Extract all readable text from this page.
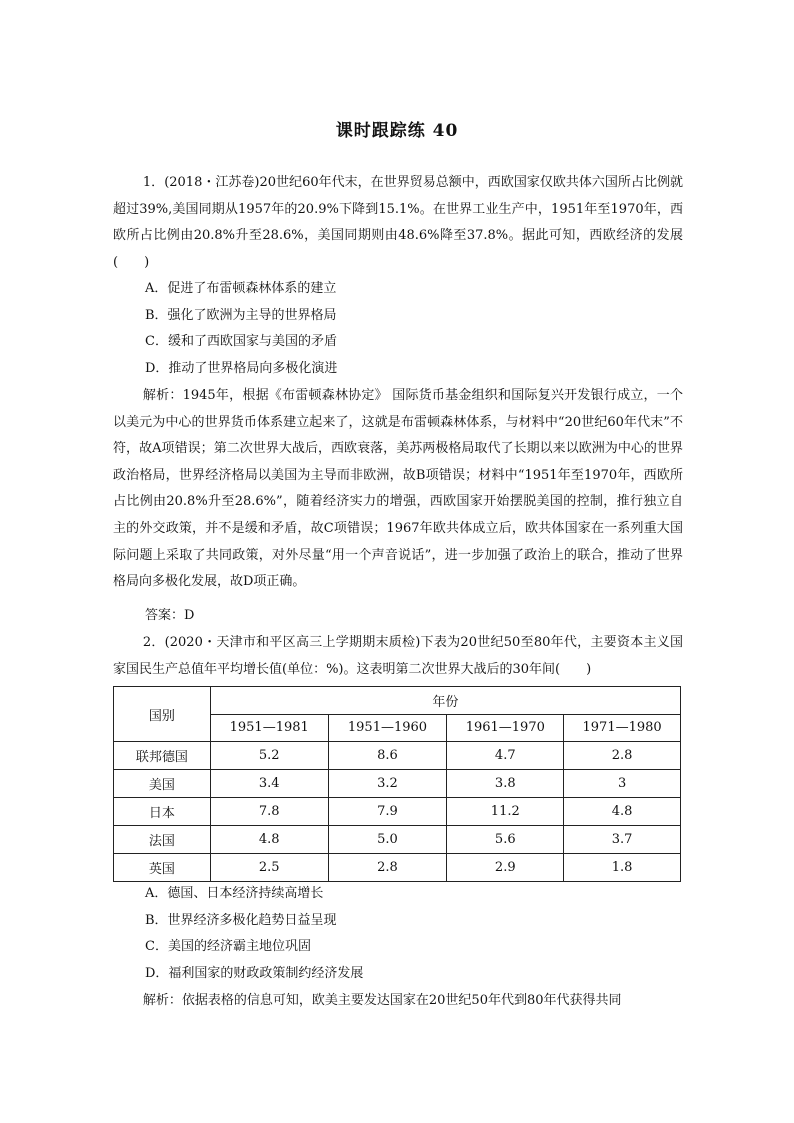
课时跟踪练 40
1．(2018・江苏卷)20世纪60年代末，在世界贸易总额中，西欧国家仅欧共体六国所占比例就超过39%,美国同期从1957年的20.9%下降到15.1%。在世界工业生产中，1951年至1970年，西欧所占比例由20.8%升至28.6%，美国同期则由48.6%降至37.8%。据此可知，西欧经济的发展(　　)
A．促进了布雷顿森林体系的建立
B．强化了欧洲为主导的世界格局
C．缓和了西欧国家与美国的矛盾
D．推动了世界格局向多极化演进
解析：1945年，根据《布雷顿森林协定》 国际货币基金组织和国际复兴开发银行成立，一个以美元为中心的世界货币体系建立起来了，这就是布雷顿森林体系，与材料中“20世纪60年代末”不符，故A项错误；第二次世界大战后，西欧衰落，美苏两极格局取代了长期以来以欧洲为中心的世界政治格局，世界经济格局以美国为主导而非欧洲，故B项错误；材料中“1951年至1970年，西欧所占比例由20.8%升至28.6%”，随着经济实力的增强，西欧国家开始摆脱美国的控制，推行独立自主的外交政策，并不是缓和矛盾，故C项错误；1967年欧共体成立后，欧共体国家在一系列重大国际问题上采取了共同政策，对外尽量“用一个声音说话”，进一步加强了政治上的联合，推动了世界格局向多极化发展，故D项正确。
答案：D
2．(2020・天津市和平区高三上学期期末质检)下表为20世纪50至80年代，主要资本主义国家国民生产总值年平均增长值(单位：%)。这表明第二次世界大战后的30年间(　　)
国别	年份			
	1951—1981	1951—1960	1961—1970	1971—1980
联邦德国	5.2	8.6	4.7	2.8
美国	3.4	3.2	3.8	3
日本	7.8	7.9	11.2	4.8
法国	4.8	5.0	5.6	3.7
英国	2.5	2.8	2.9	1.8
A．德国、日本经济持续高增长
B．世界经济多极化趋势日益呈现
C．美国的经济霸主地位巩固
D．福利国家的财政政策制约经济发展
解析：依据表格的信息可知，欧美主要发达国家在20世纪50年代到80年代获得共同
